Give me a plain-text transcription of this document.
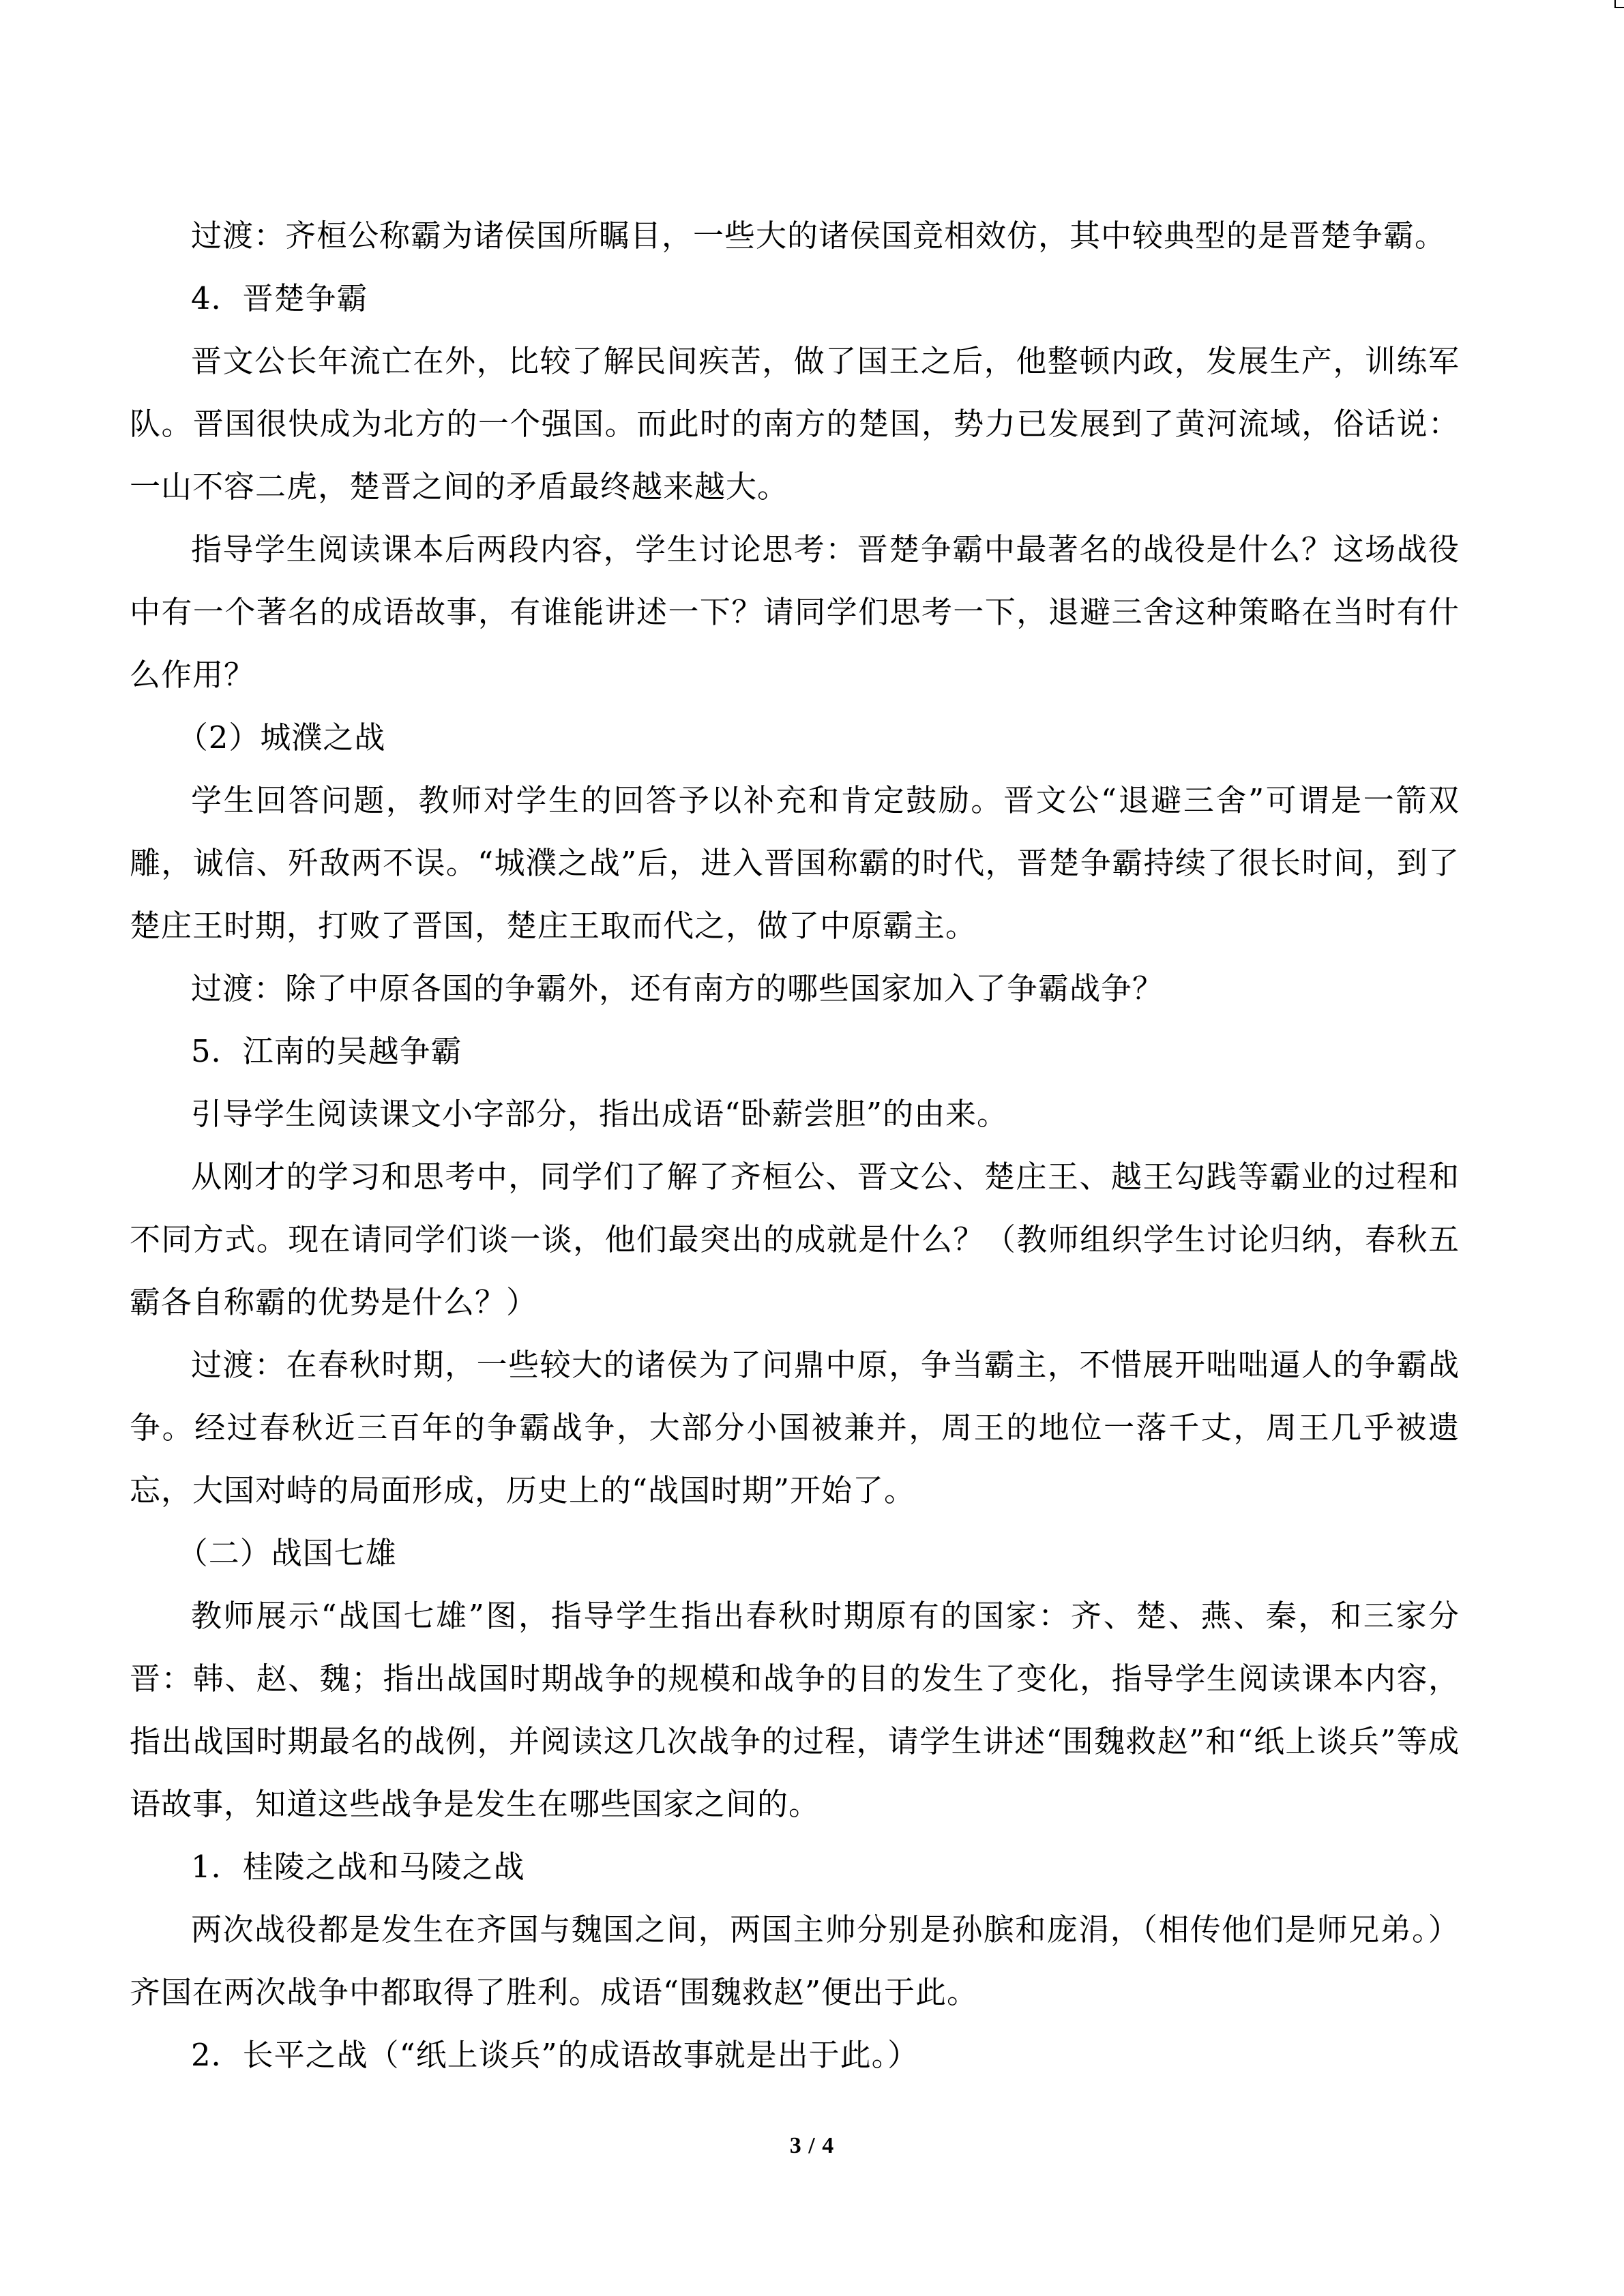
过渡：齐桓公称霸为诸侯国所瞩目，一些大的诸侯国竞相效仿，其中较典型的是晋楚争霸。

4．晋楚争霸

晋文公长年流亡在外，比较了解民间疾苦，做了国王之后，他整顿内政，发展生产，训练军队。晋国很快成为北方的一个强国。而此时的南方的楚国，势力已发展到了黄河流域，俗话说：一山不容二虎，楚晋之间的矛盾最终越来越大。

指导学生阅读课本后两段内容，学生讨论思考：晋楚争霸中最著名的战役是什么？这场战役中有一个著名的成语故事，有谁能讲述一下？请同学们思考一下，退避三舍这种策略在当时有什么作用？

（2）城濮之战

学生回答问题，教师对学生的回答予以补充和肯定鼓励。晋文公“退避三舍”可谓是一箭双雕，诚信、歼敌两不误。“城濮之战”后，进入晋国称霸的时代，晋楚争霸持续了很长时间，到了楚庄王时期，打败了晋国，楚庄王取而代之，做了中原霸主。

过渡：除了中原各国的争霸外，还有南方的哪些国家加入了争霸战争？

5．江南的吴越争霸

引导学生阅读课文小字部分，指出成语“卧薪尝胆”的由来。

从刚才的学习和思考中，同学们了解了齐桓公、晋文公、楚庄王、越王勾践等霸业的过程和不同方式。现在请同学们谈一谈，他们最突出的成就是什么？（教师组织学生讨论归纳，春秋五霸各自称霸的优势是什么？）

过渡：在春秋时期，一些较大的诸侯为了问鼎中原，争当霸主，不惜展开咄咄逼人的争霸战争。经过春秋近三百年的争霸战争，大部分小国被兼并，周王的地位一落千丈，周王几乎被遗忘，大国对峙的局面形成，历史上的“战国时期”开始了。

（二）战国七雄

教师展示“战国七雄”图，指导学生指出春秋时期原有的国家：齐、楚、燕、秦，和三家分晋：韩、赵、魏；指出战国时期战争的规模和战争的目的发生了变化，指导学生阅读课本内容，指出战国时期最名的战例，并阅读这几次战争的过程，请学生讲述“围魏救赵”和“纸上谈兵”等成语故事，知道这些战争是发生在哪些国家之间的。

1．桂陵之战和马陵之战

两次战役都是发生在齐国与魏国之间，两国主帅分别是孙膑和庞涓，（相传他们是师兄弟。）齐国在两次战争中都取得了胜利。成语“围魏救赵”便出于此。

2．长平之战（“纸上谈兵”的成语故事就是出于此。）

3 / 4
